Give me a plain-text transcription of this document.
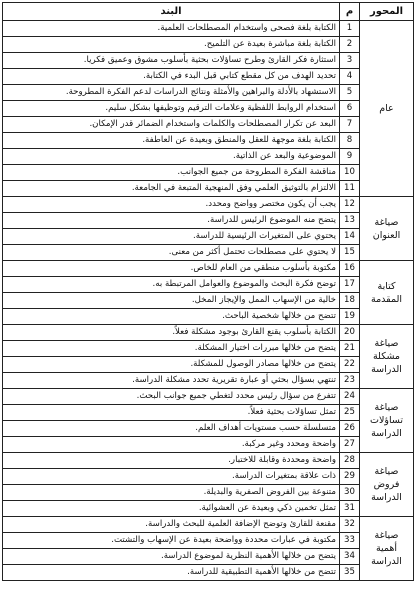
البند	م	المحور
الكتابة بلغة فصحى واستخدام المصطلحات العلمية.	1	عام
الكتابة بلغة مباشرة بعيدة عن التلميح.	2	
استثارة فكر القارئ وطرح تساؤلات بحثية بأسلوب مشوق وعميق فكريا.	3	
تحديد الهدف من كل مقطع كتابي قبل البدء في الكتابة.	4	
الاستشهاد بالأدلة والبراهين والأمثلة ونتائج الدراسات لدعم الفكرة المطروحة.	5	
استخدام الروابط اللفظية وعلامات الترقيم وتوظيفها بشكل سليم.	6	
البعد عن تكرار المصطلحات والكلمات واستخدام الضمائر قدر الإمكان.	7	
الكتابة بلغة موجهة للعقل والمنطق وبعيدة عن العاطفة.	8	
الموضوعية والبعد عن الذاتية.	9	
مناقشة الفكرة المطروحة من جميع الجوانب.	10	
الالتزام بالتوثيق العلمي وفق المنهجية المتبعة في الجامعة.	11	
يجب أن يكون مختصر وواضح ومحدد.	12	صياغة
العنوان
يتضح منه الموضوع الرئيس للدراسة.	13	
يحتوي على المتغيرات الرئيسية للدراسة.	14	
لا يحتوي على مصطلحات تحتمل أكثر من معنى.	15	
مكتوبة بأسلوب منطقي من العام للخاص.	16	كتابة
المقدمة
توضح فكرة البحث والموضوع والعوامل المرتبطة به.	17	
خالية من الإسهاب الممل والإيجاز المخل.	18	
تتضح من خلالها شخصية الباحث.	19	
الكتابة بأسلوب يقنع القارئ بوجود مشكلة فعلاً.	20	صياغة
مشكلة
الدراسة
يتضح من خلالها مبررات اختيار المشكلة.	21	
يتضح من خلالها مصادر الوصول للمشكلة.	22	
تنتهي بسؤال بحثي أو عبارة تقريرية تحدد مشكلة الدراسة.	23	
تتفرع من سؤال رئيس محدد لتغطي جميع جوانب البحث.	24	صياغة
تساؤلات
الدراسة
تمثل تساؤلات بحثية فعلاً.	25	
متسلسلة حسب مستويات أهداف العلم.	26	
واضحة ومحدد وغير مركبة.	27	
واضحة ومحددة وقابلة للاختبار.	28	صياغة
فروض
الدراسة
ذات علاقة بمتغيرات الدراسة.	29	
متنوعة بين الفروض الصفرية والبديلة.	30	
تمثل تخمين ذكي وبعيدة عن العشوائية.	31	
مقنعة للقارئ وتوضح الإضافة العلمية للبحث والدراسة.	32	صياغة
أهمية
الدراسة
مكتوبة في عبارات محددة وواضحة بعيدة عن الإسهاب والتشتت.	33	
يتضح من خلالها الأهمية النظرية لموضوع الدراسة.	34	
تتضح من خلالها الأهمية التطبيقية للدراسة.	35	
